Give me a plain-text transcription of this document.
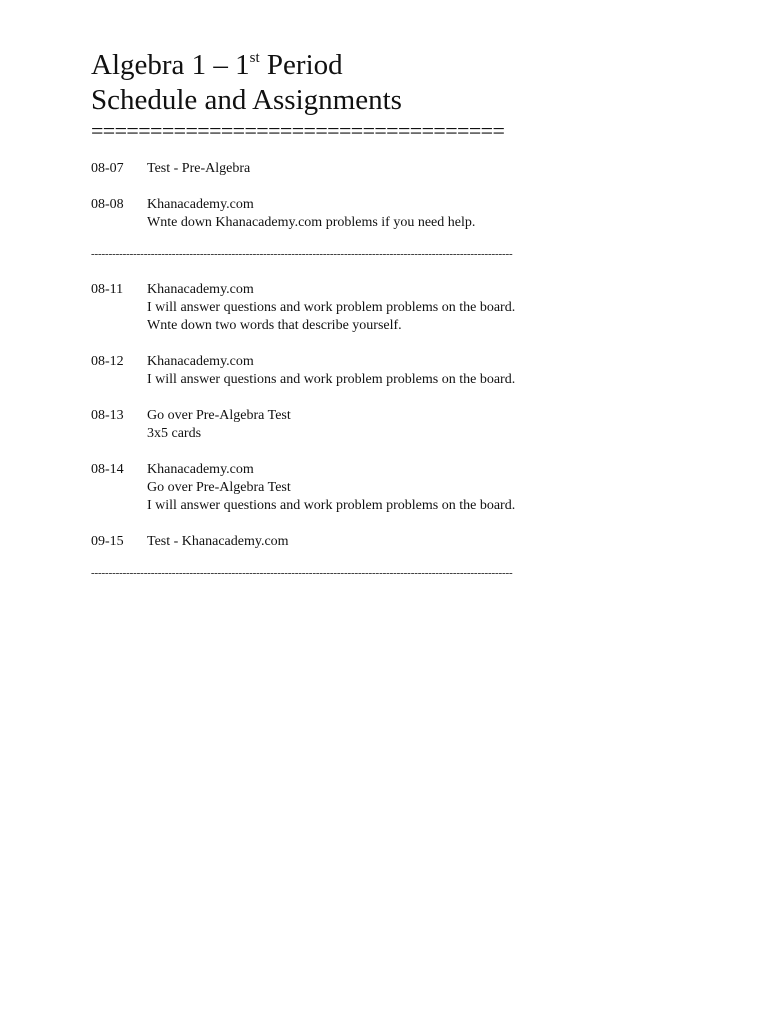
Algebra 1 – 1st Period
Schedule and Assignments
===================================
08-07	Test - Pre-Algebra
08-08	Khanacademy.com
Wnte down Khanacademy.com problems if you need help.
------------------------------------------------------------------------------------------------------------------------
08-11	Khanacademy.com
I will answer questions and work problem problems on the board.
Wnte down two words that describe yourself.
08-12	Khanacademy.com
I will answer questions and work problem problems on the board.
08-13	Go over Pre-Algebra Test
3x5 cards
08-14	Khanacademy.com
Go over Pre-Algebra Test
I will answer questions and work problem problems on the board.
09-15	Test - Khanacademy.com
------------------------------------------------------------------------------------------------------------------------
